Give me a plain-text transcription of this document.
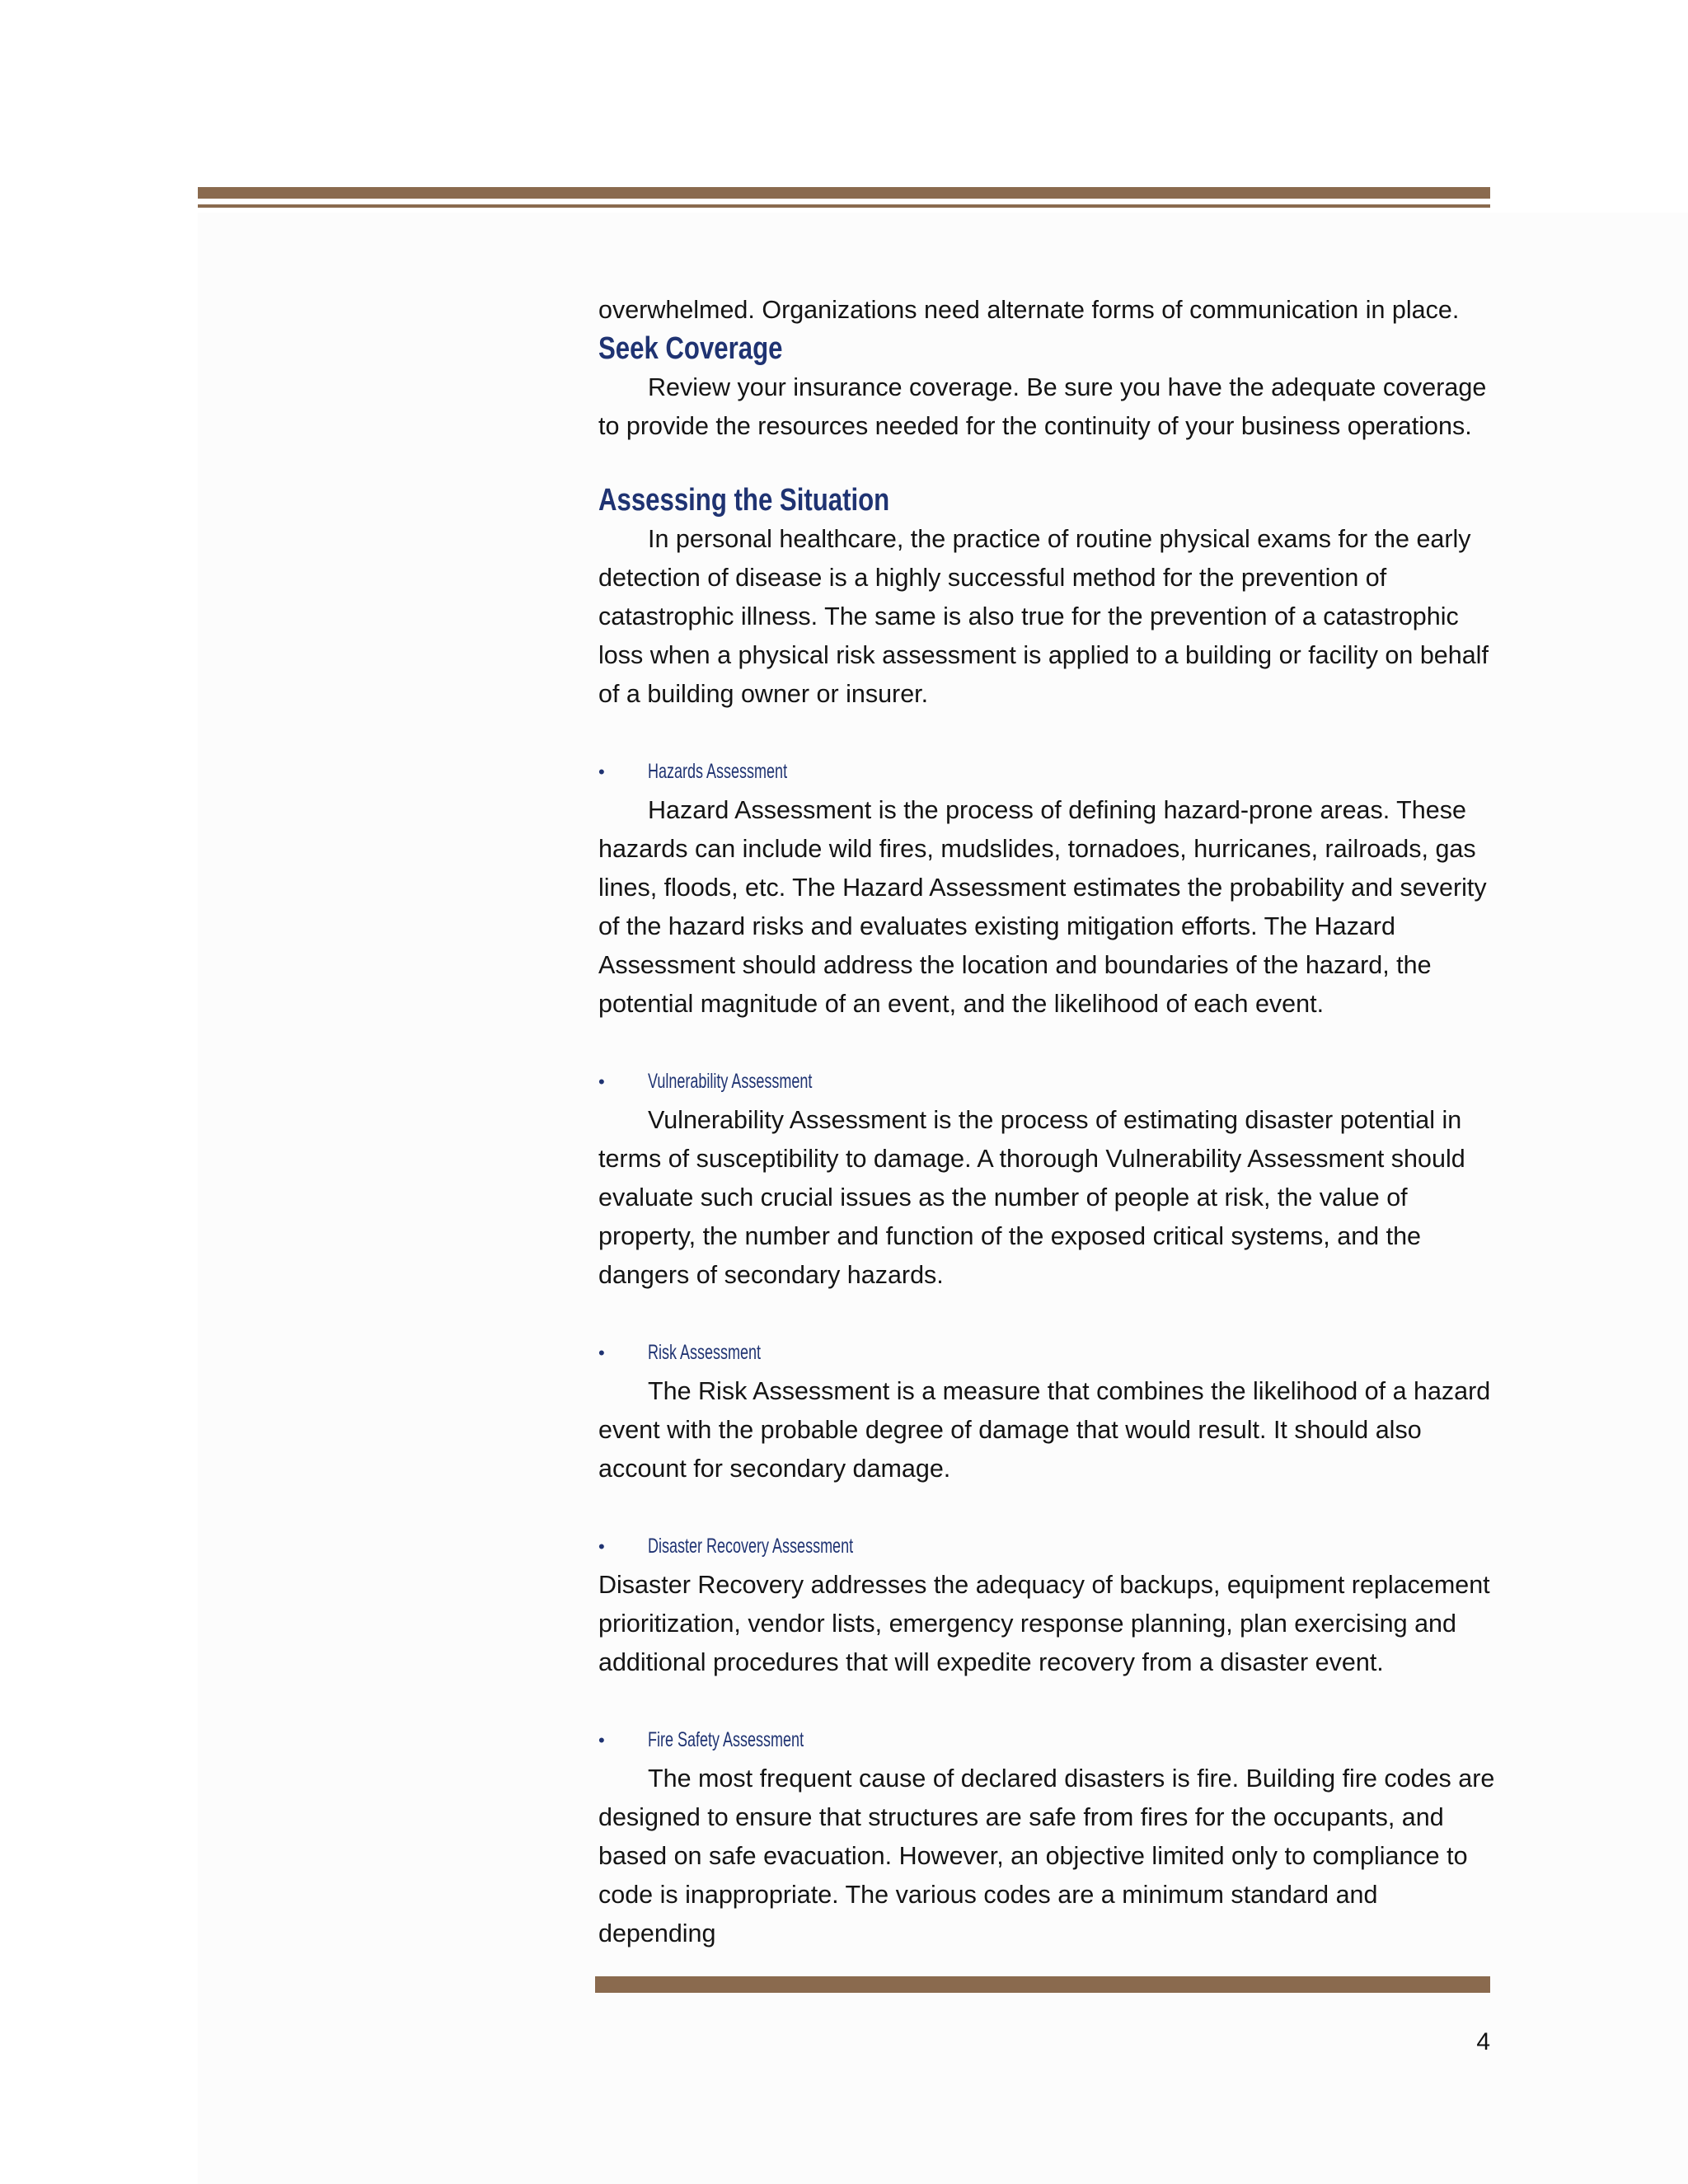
overwhelmed. Organizations need alternate forms of communication in place.

Seek Coverage

Review your insurance coverage. Be sure you have the adequate coverage

to provide the resources needed for the continuity of your business operations.

Assessing the Situation

In personal healthcare, the practice of routine physical exams for the early

detection of disease is a highly successful method for the prevention of

catastrophic illness. The same is also true for the prevention of a catastrophic

loss when a physical risk assessment is applied to a building or facility on behalf

of a building owner or insurer.

•	Hazards Assessment

Hazard Assessment is the process of defining hazard-prone areas. These

hazards can include wild fires, mudslides, tornadoes, hurricanes, railroads, gas

lines, floods, etc. The Hazard Assessment estimates the probability and severity

of the hazard risks and evaluates existing mitigation efforts. The Hazard

Assessment should address the location and boundaries of the hazard, the

potential magnitude of an event, and the likelihood of each event.

•	Vulnerability Assessment

Vulnerability Assessment is the process of estimating disaster potential in

terms of susceptibility to damage. A thorough Vulnerability Assessment should

evaluate such crucial issues as the number of people at risk, the value of

property, the number and function of the exposed critical systems, and the

dangers of secondary hazards.

•	Risk Assessment

The Risk Assessment is a measure that combines the likelihood of a hazard

event with the probable degree of damage that would result. It should also

account for secondary damage.

•	Disaster Recovery Assessment

Disaster Recovery addresses the adequacy of backups, equipment replacement

prioritization, vendor lists, emergency response planning, plan exercising and

additional procedures that will expedite recovery from a disaster event.

•	Fire Safety Assessment

The most frequent cause of declared disasters is fire. Building fire codes are

designed to ensure that structures are safe from fires for the occupants, and

based on safe evacuation. However, an objective limited only to compliance to

code is inappropriate. The various codes are a minimum standard and depending

4
